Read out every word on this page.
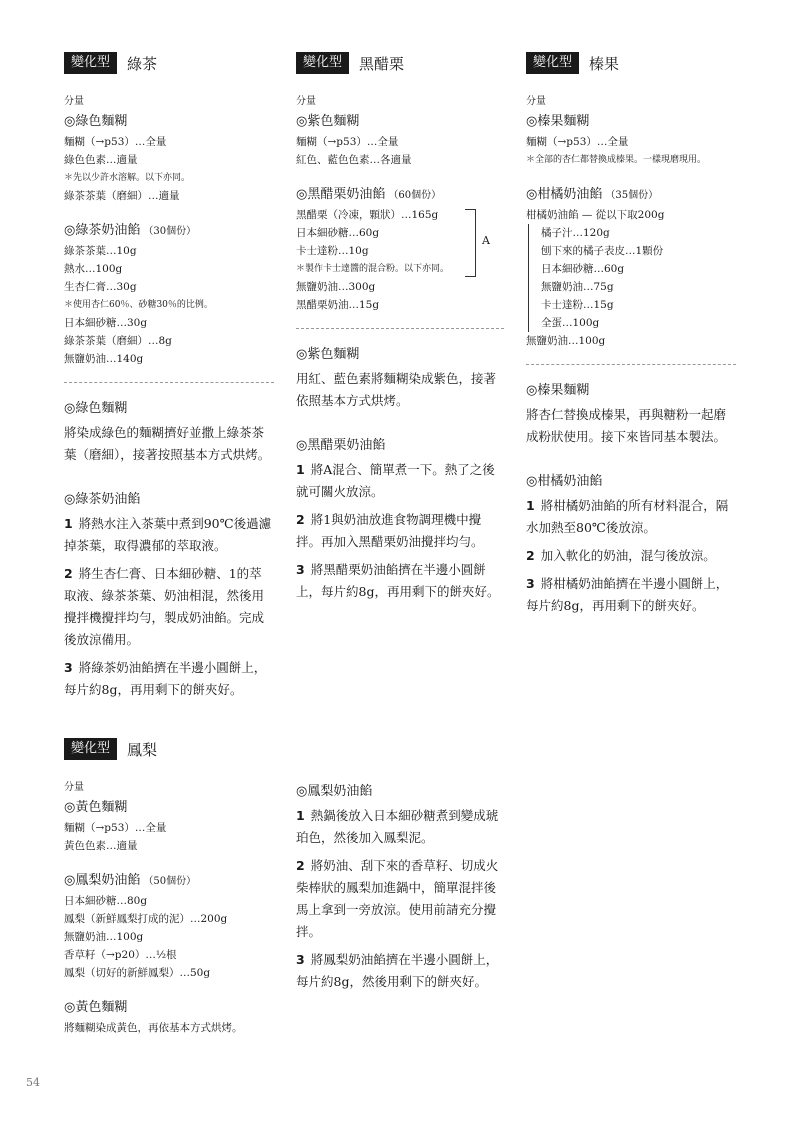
變化型	綠茶
分量
◎綠色麵糊
麵糊（→p53）…全量
綠色色素…適量
＊先以少許水溶解。以下亦同。
綠茶茶葉（磨細）…適量
◎綠茶奶油餡 （30個份）
綠茶茶葉…10g
熱水…100g
生杏仁膏…30g
＊使用杏仁60％、砂糖30％的比例。
日本細砂糖…30g
綠茶茶葉（磨細）…8g
無鹽奶油…140g
◎綠色麵糊
將染成綠色的麵糊擠好並撒上綠茶茶葉（磨細），接著按照基本方式烘烤。
◎綠茶奶油餡
1 將熱水注入茶葉中煮到90℃後過濾掉茶葉，取得濃郁的萃取液。
2 將生杏仁膏、日本細砂糖、1的萃取液、綠茶茶葉、奶油相混，然後用攪拌機攪拌均勻，製成奶油餡。完成後放涼備用。
3 將綠茶奶油餡擠在半邊小圓餅上，每片約8g，再用剩下的餅夾好。
變化型	黑醋栗
分量
◎紫色麵糊
麵糊（→p53）…全量
紅色、藍色色素…各適量
◎黑醋栗奶油餡 （60個份）
黑醋栗（冷凍，顆狀）…165g
日本細砂糖…60g
卡士達粉…10g
＊製作卡士達醬的混合粉。以下亦同。
A
無鹽奶油…300g
黑醋栗奶油…15g
◎紫色麵糊
用紅、藍色素將麵糊染成紫色，接著依照基本方式烘烤。
◎黑醋栗奶油餡
1 將A混合、簡單煮一下。熱了之後就可關火放涼。
2 將1與奶油放進食物調理機中攪拌。再加入黑醋栗奶油攪拌均勻。
3 將黑醋栗奶油餡擠在半邊小圓餅上，每片約8g，再用剩下的餅夾好。
變化型	榛果
分量
◎榛果麵糊
麵糊（→p53）…全量
＊全部的杏仁都替換成榛果。一樣現磨現用。
◎柑橘奶油餡 （35個份）
柑橘奶油餡 — 從以下取200g
橘子汁…120g
刨下來的橘子表皮…1顆份
日本細砂糖…60g
無鹽奶油…75g
卡士達粉…15g
全蛋…100g
無鹽奶油…100g
◎榛果麵糊
將杏仁替換成榛果，再與糖粉一起磨成粉狀使用。接下來皆同基本製法。
◎柑橘奶油餡
1 將柑橘奶油餡的所有材料混合，隔水加熱至80℃後放涼。
2 加入軟化的奶油，混勻後放涼。
3 將柑橘奶油餡擠在半邊小圓餅上，每片約8g，再用剩下的餅夾好。
變化型	鳳梨
分量
◎黃色麵糊
麵糊（→p53）…全量
黃色色素…適量
◎鳳梨奶油餡 （50個份）
日本細砂糖…80g
鳳梨（新鮮鳳梨打成的泥）…200g
無鹽奶油…100g
香草籽（→p20）…½根
鳳梨（切好的新鮮鳳梨）…50g
◎黃色麵糊
將麵糊染成黃色，再依基本方式烘烤。
◎鳳梨奶油餡
1 熱鍋後放入日本細砂糖煮到變成琥珀色，然後加入鳳梨泥。
2 將奶油、刮下來的香草籽、切成火柴棒狀的鳳梨加進鍋中，簡單混拌後馬上拿到一旁放涼。使用前請充分攪拌。
3 將鳳梨奶油餡擠在半邊小圓餅上，每片約8g，然後用剩下的餅夾好。
54
